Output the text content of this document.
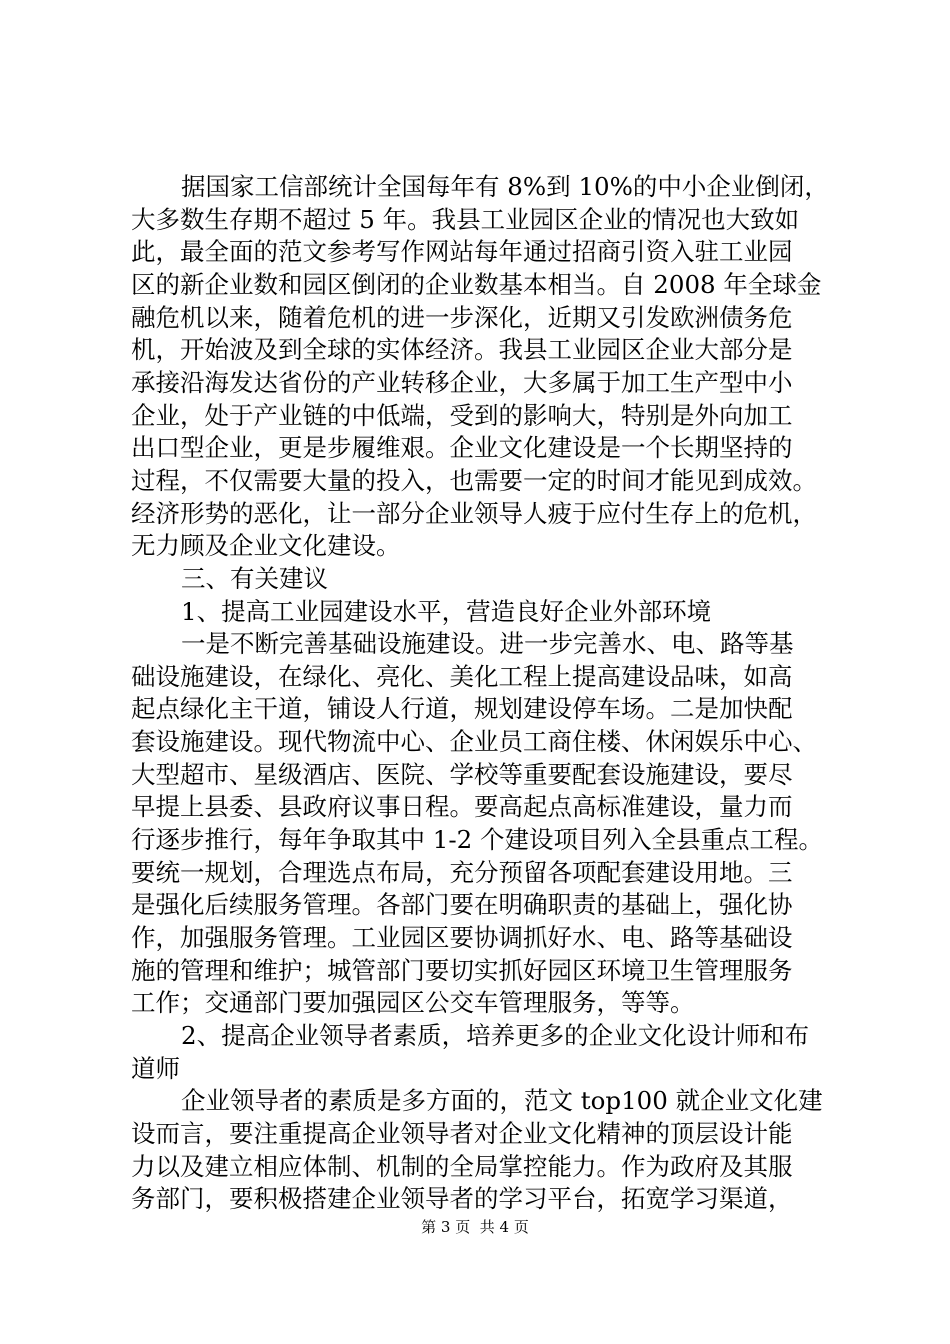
据国家工信部统计全国每年有 8%到 10%的中小企业倒闭，
大多数生存期不超过 5 年。我县工业园区企业的情况也大致如
此，最全面的范文参考写作网站每年通过招商引资入驻工业园
区的新企业数和园区倒闭的企业数基本相当。自 2008 年全球金
融危机以来，随着危机的进一步深化，近期又引发欧洲债务危
机，开始波及到全球的实体经济。我县工业园区企业大部分是
承接沿海发达省份的产业转移企业，大多属于加工生产型中小
企业，处于产业链的中低端，受到的影响大，特别是外向加工
出口型企业，更是步履维艰。企业文化建设是一个长期坚持的
过程，不仅需要大量的投入，也需要一定的时间才能见到成效。
经济形势的恶化，让一部分企业领导人疲于应付生存上的危机，
无力顾及企业文化建设。
三、有关建议
1、提高工业园建设水平，营造良好企业外部环境
一是不断完善基础设施建设。进一步完善水、电、路等基
础设施建设，在绿化、亮化、美化工程上提高建设品味，如高
起点绿化主干道，铺设人行道，规划建设停车场。二是加快配
套设施建设。现代物流中心、企业员工商住楼、休闲娱乐中心、
大型超市、星级酒店、医院、学校等重要配套设施建设，要尽
早提上县委、县政府议事日程。要高起点高标准建设，量力而
行逐步推行，每年争取其中 1-2 个建设项目列入全县重点工程。
要统一规划，合理选点布局，充分预留各项配套建设用地。三
是强化后续服务管理。各部门要在明确职责的基础上，强化协
作，加强服务管理。工业园区要协调抓好水、电、路等基础设
施的管理和维护；城管部门要切实抓好园区环境卫生管理服务
工作；交通部门要加强园区公交车管理服务，等等。
2、提高企业领导者素质，培养更多的企业文化设计师和布
道师
企业领导者的素质是多方面的，范文 top100 就企业文化建
设而言，要注重提高企业领导者对企业文化精神的顶层设计能
力以及建立相应体制、机制的全局掌控能力。作为政府及其服
务部门，要积极搭建企业领导者的学习平台，拓宽学习渠道，
第 3 页  共 4 页
